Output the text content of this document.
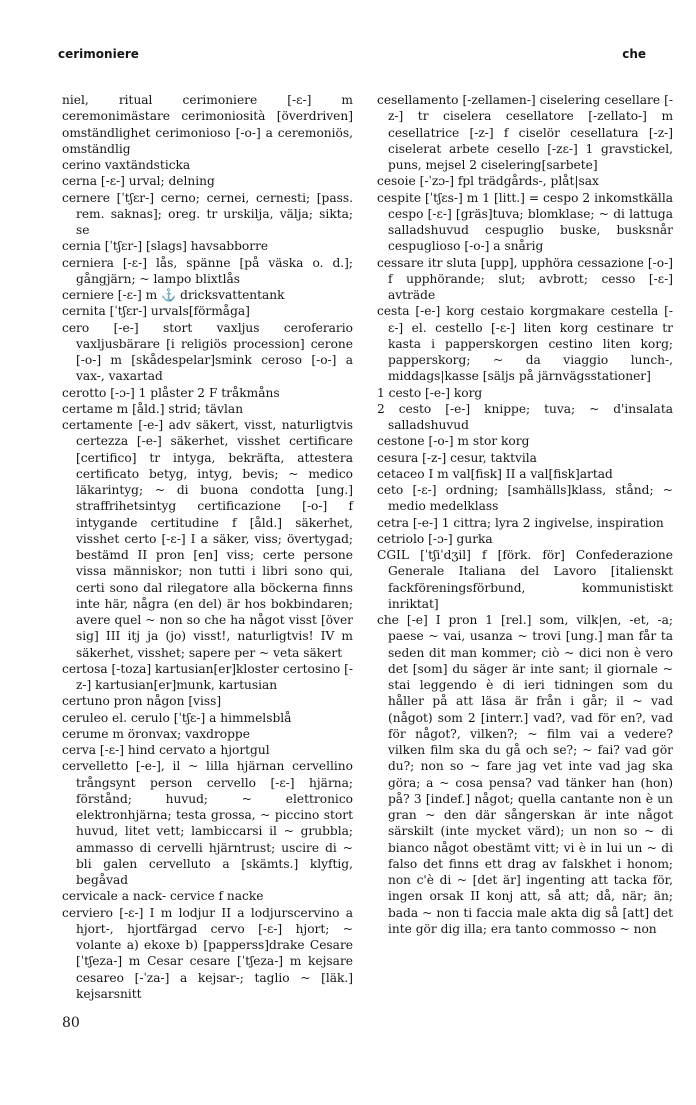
cerimoniere	che

niel, ritual cerimoniere [-ɛ-] m ceremonimästare cerimoniosità [överdriven] omständlighet cerimonioso [-o-] a ceremoniös, omständlig

cerino vaxtändsticka

cerna [-ɛ-] urval; delning

cernere [ˈtʃɛr-] cerno; cernei, cernesti; [pass. rem. saknas]; oreg. tr urskilja, välja; sikta; se

cernia [ˈtʃɛr-] [slags] havsabborre

cerniera [-ɛ-] lås, spänne [på väska o. d.]; gångjärn; ~ lampo blixtlås

cerniere [-ɛ-] m ⚓ dricksvattentank

cernita [ˈtʃɛr-] urvals[förmåga]

cero [-e-] stort vaxljus ceroferario vaxljusbärare [i religiös procession] cerone [-o-] m [skådespelar]smink ceroso [-o-] a vax-, vaxartad

cerotto [-ɔ-] 1 plåster 2 F tråkmåns

certame m [åld.] strid; tävlan

certamente [-e-] adv säkert, visst, naturligtvis certezza [-e-] säkerhet, visshet certificare [certifico] tr intyga, bekräfta, attestera certificato betyg, intyg, bevis; ~ medico läkarintyg; ~ di buona condotta [ung.] straffrihetsintyg certificazione [-o-] f intygande certitudine f [åld.] säkerhet, visshet certo [-ɛ-] I a säker, viss; övertygad; bestämd II pron [en] viss; certe persone vissa människor; non tutti i libri sono qui, certi sono dal rilegatore alla böckerna finns inte här, några (en del) är hos bokbindaren; avere quel ~ non so che ha något visst [över sig] III itj ja (jo) visst!, naturligtvis! IV m säkerhet, visshet; sapere per ~ veta säkert

certosa [-toza] kartusian[er]kloster certosino [-z-] kartusian[er]munk, kartusian

certuno pron någon [viss]

ceruleo el. cerulo [ˈtʃɛ-] a himmelsblå

cerume m öronvax; vaxdroppe

cerva [-ɛ-] hind cervato a hjortgul

cervelletto [-e-], il ~ lilla hjärnan cervellino trångsynt person cervello [-ɛ-] hjärna; förstånd; huvud; ~ elettronico elektronhjärna; testa grossa, ~ piccino stort huvud, litet vett; lambiccarsi il ~ grubbla; ammasso di cervelli hjärntrust; uscire di ~ bli galen cervelluto a [skämts.] klyftig, begåvad

cervicale a nack- cervice f nacke

cerviero [-ɛ-] I m lodjur II a lodjurscervino a hjort-, hjortfärgad cervo [-ɛ-] hjort; ~ volante a) ekoxe b) [papperss]drake Cesare [ˈtʃeza-] m Cesar cesare [ˈtʃeza-] m kejsare cesareo [-ˈza-] a kejsar-; taglio ~ [läk.] kejsarsnitt

cesellamento [-zellamen-] ciselering cesellare [-z-] tr ciselera cesellatore [-zellato-] m cesellatrice [-z-] f ciselör cesellatura [-z-] ciselerat arbete cesello [-zɛ-] 1 gravstickel, puns, mejsel 2 ciselering[sarbete]

cesoie [-ˈzɔ-] fpl trädgårds-, plåt|sax

cespite [ˈtʃɛs-] m 1 [litt.] = cespo 2 inkomstkälla cespo [-ɛ-] [gräs]tuva; blomklase; ~ di lattuga salladshuvud cespuglio buske, busksnår cespuglioso [-o-] a snårig

cessare itr sluta [upp], upphöra cessazione [-o-] f upphörande; slut; avbrott; cesso [-ɛ-] avträde

cesta [-e-] korg cestaio korgmakare cestella [-ɛ-] el. cestello [-ɛ-] liten korg cestinare tr kasta i papperskorgen cestino liten korg; papperskorg; ~ da viaggio lunch-, middags|kasse [säljs på järnvägsstationer]

1 cesto [-e-] korg

2 cesto [-e-] knippe; tuva; ~ d'insalata salladshuvud

cestone [-o-] m stor korg

cesura [-z-] cesur, taktvila

cetaceo I m val[fisk] II a val[fisk]artad

ceto [-ɛ-] ordning; [samhälls]klass, stånd; ~ medio medelklass

cetra [-e-] 1 cittra; lyra 2 ingivelse, inspiration

cetriolo [-ɔ-] gurka

CGIL [ˈtʃiˈdʒil] f [förk. för] Confederazione Generale Italiana del Lavoro [italienskt fackföreningsförbund, kommunistiskt inriktat]

che [-e] I pron 1 [rel.] som, vilk|en, -et, -a; paese ~ vai, usanza ~ trovi [ung.] man får ta seden dit man kommer; ciò ~ dici non è vero det [som] du säger är inte sant; il giornale ~ stai leggendo è di ieri tidningen som du håller på att läsa är från i går; il ~ vad (något) som 2 [interr.] vad?, vad för en?, vad för något?, vilken?; ~ film vai a vedere? vilken film ska du gå och se?; ~ fai? vad gör du?; non so ~ fare jag vet inte vad jag ska göra; a ~ cosa pensa? vad tänker han (hon) på? 3 [indef.] något; quella cantante non è un gran ~ den där sångerskan är inte något särskilt (inte mycket värd); un non so ~ di bianco något obestämt vitt; vi è in lui un ~ di falso det finns ett drag av falskhet i honom; non c'è di ~ [det är] ingenting att tacka för, ingen orsak II konj att, så att; då, när; än; bada ~ non ti faccia male akta dig så [att] det inte gör dig illa; era tanto commosso ~ non

80
